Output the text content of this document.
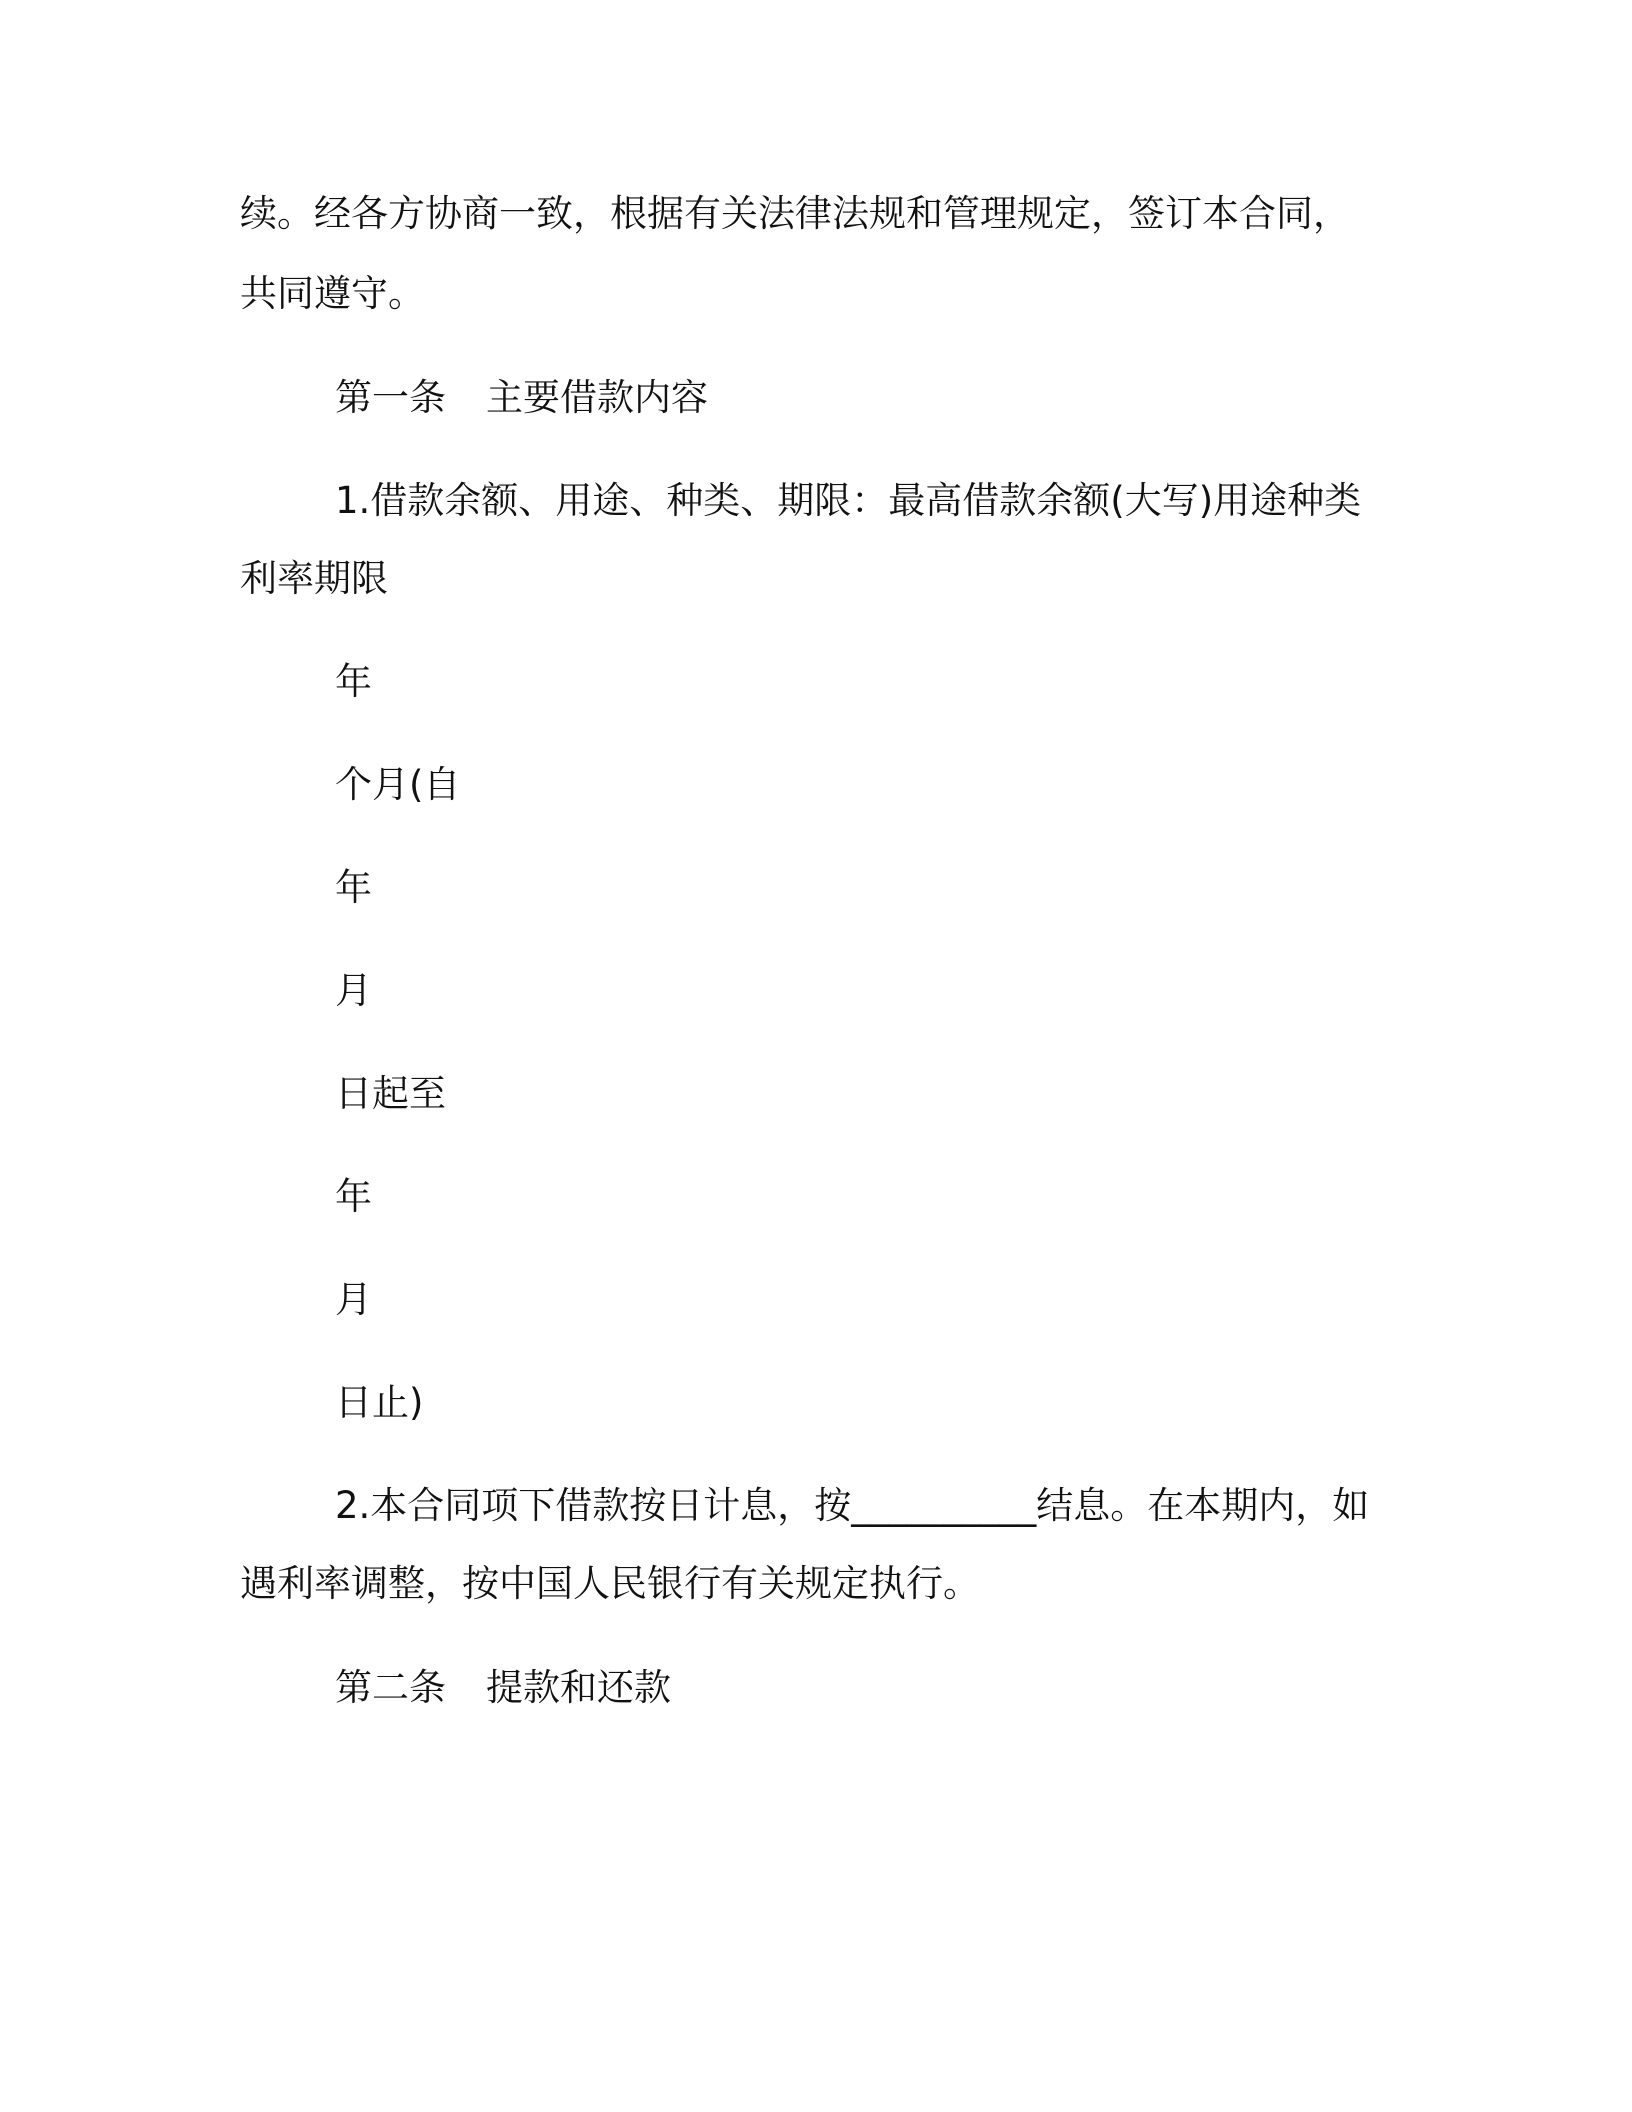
续。经各方协商一致，根据有关法律法规和管理规定，签订本合同，
共同遵守。
第一条 主要借款内容
1.借款余额、用途、种类、期限：最高借款余额(大写)用途种类
利率期限
年
个月(自
年
月
日起至
年
月
日止)
2.本合同项下借款按日计息，按__________结息。在本期内，如
遇利率调整，按中国人民银行有关规定执行。
第二条 提款和还款
